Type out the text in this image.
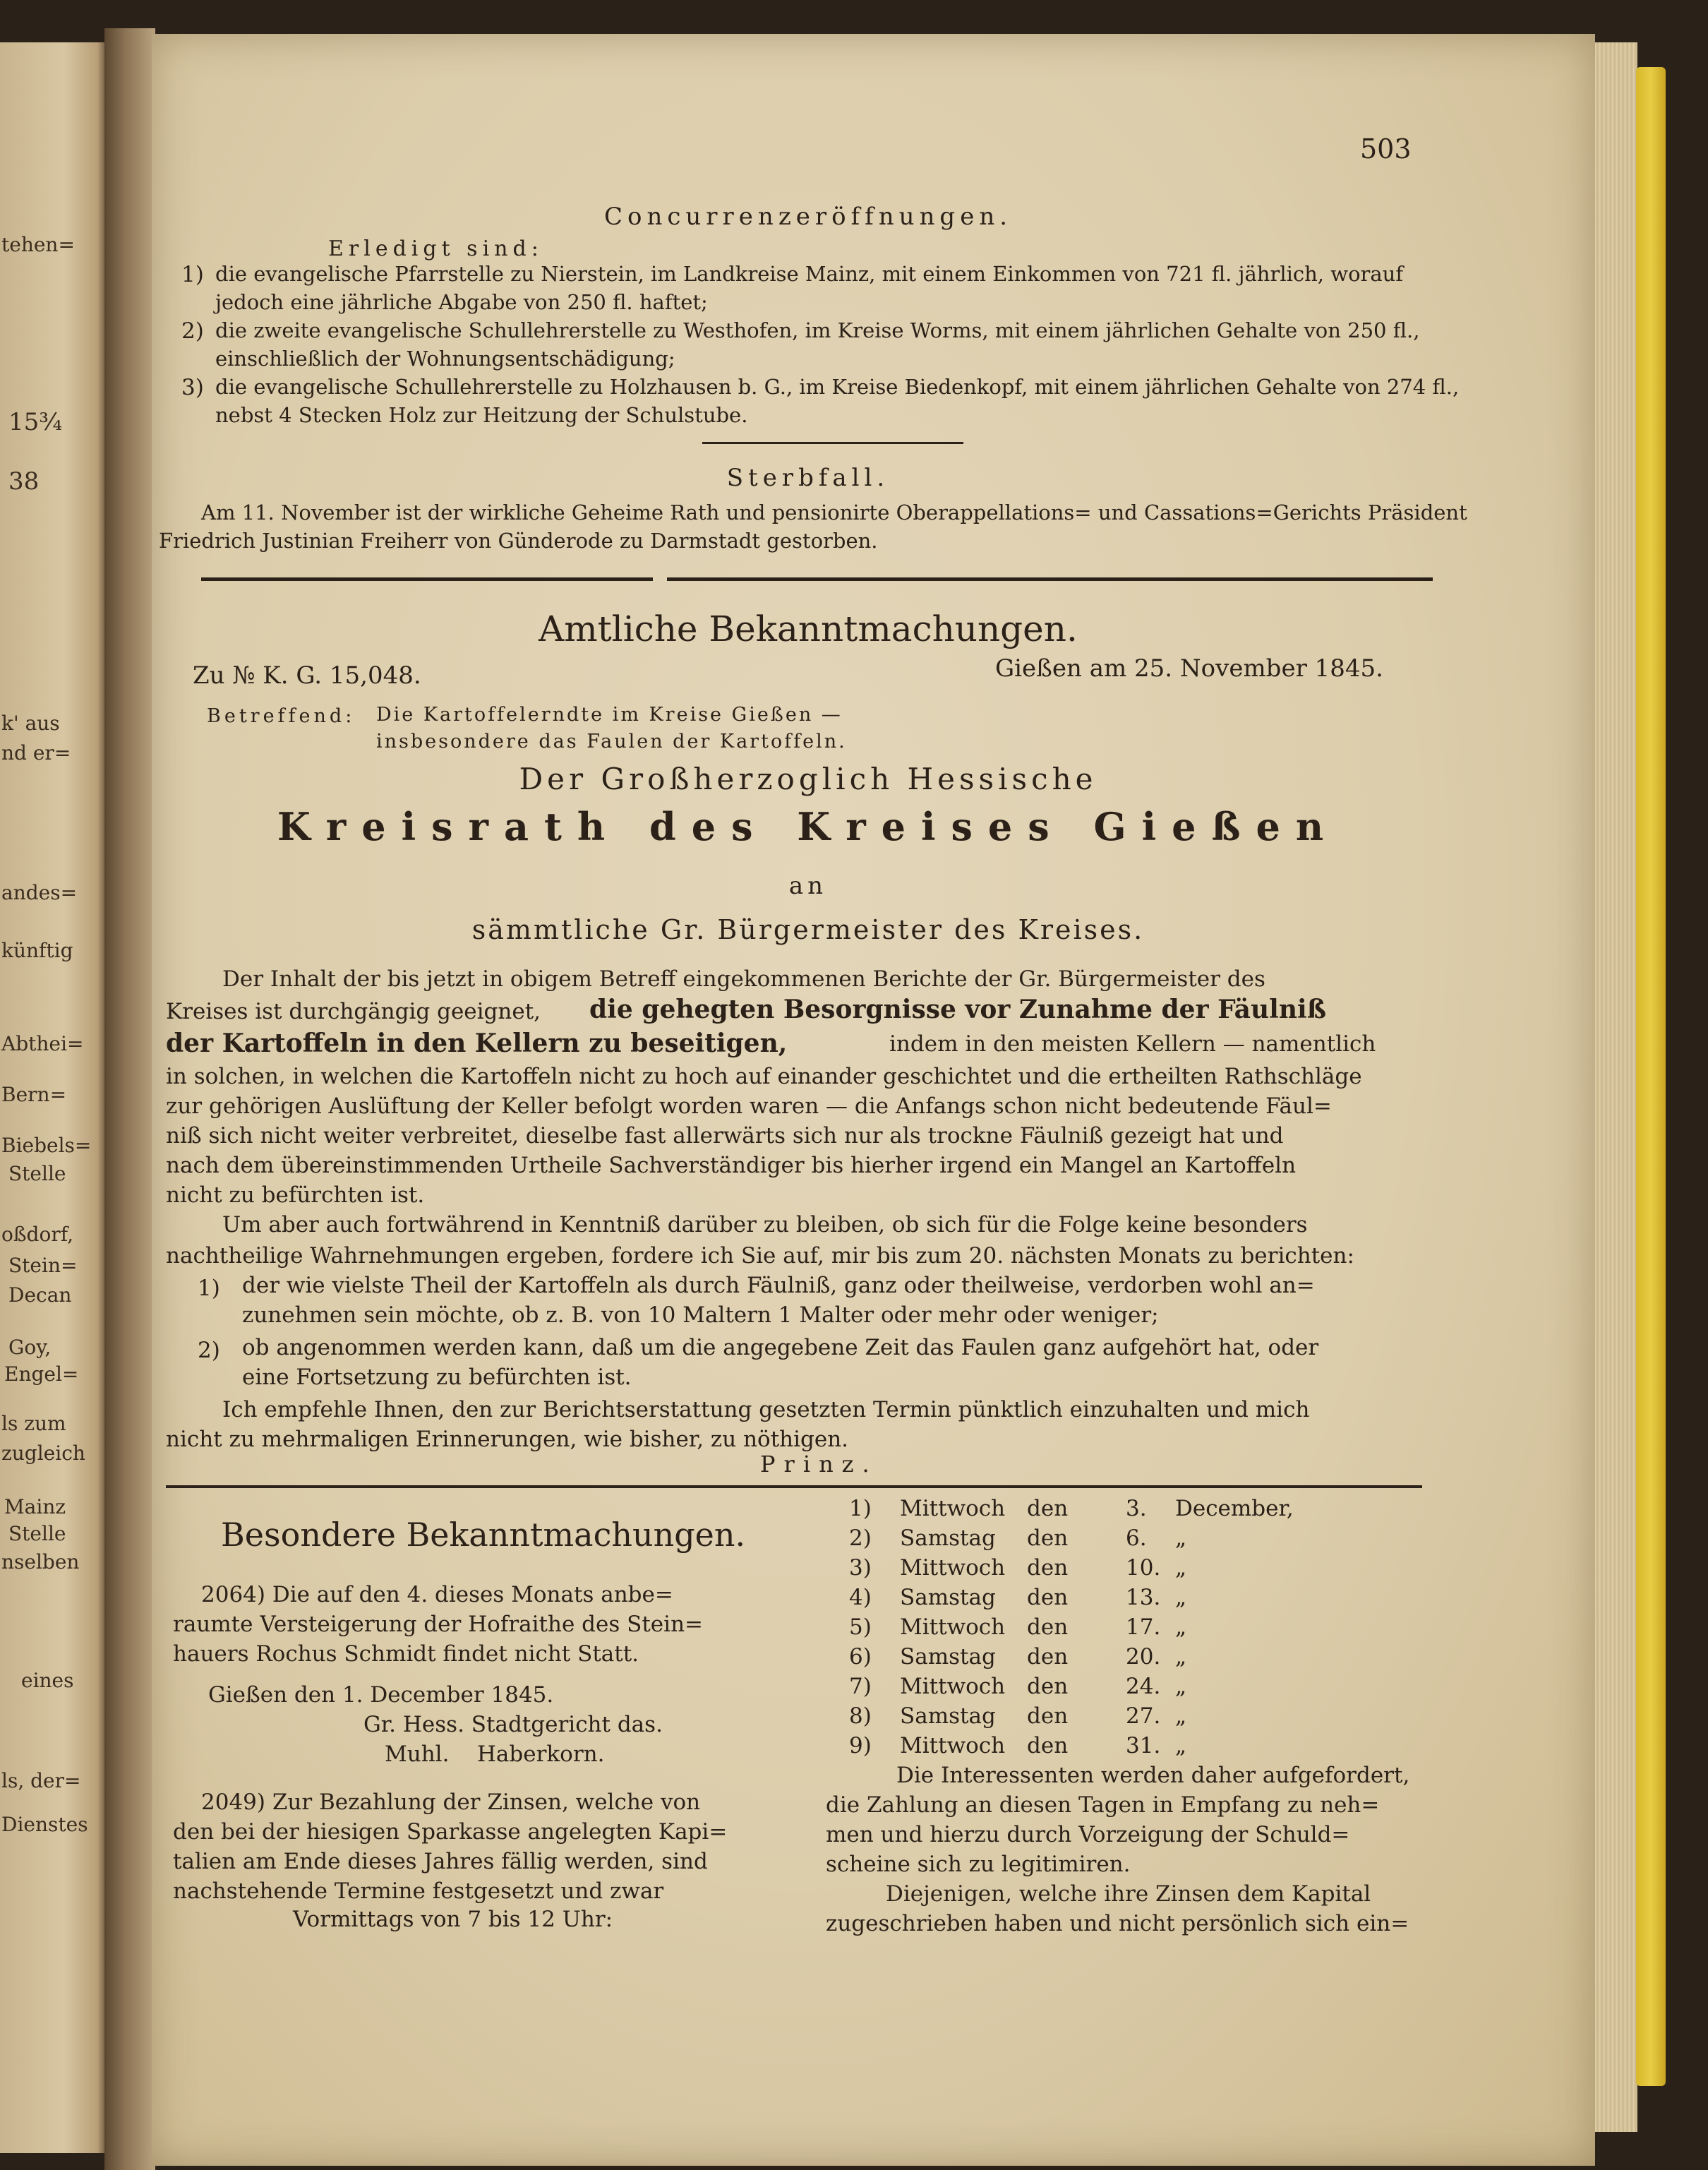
tehen=
15¾
38
k' aus
nd er=
andes=
künftig
Abthei=
Bern=
Biebels=
Stelle
oßdorf,
Stein=
Decan
Goy,
Engel=
ls zum
zugleich
Mainz
Stelle
nselben
eines
ls, der=
Dienstes
503
Concurrenzeröffnungen.
Erledigt sind:
1) die evangelische Pfarrstelle zu Nierstein, im Landkreise Mainz, mit einem Einkommen von 721 fl. jährlich, worauf
jedoch eine jährliche Abgabe von 250 fl. haftet;
2) die zweite evangelische Schullehrerstelle zu Westhofen, im Kreise Worms, mit einem jährlichen Gehalte von 250 fl.,
einschließlich der Wohnungsentschädigung;
3) die evangelische Schullehrerstelle zu Holzhausen b. G., im Kreise Biedenkopf, mit einem jährlichen Gehalte von 274 fl.,
nebst 4 Stecken Holz zur Heitzung der Schulstube.
Sterbfall.
Am 11. November ist der wirkliche Geheime Rath und pensionirte Oberappellations= und Cassations=Gerichts Präsident
Friedrich Justinian Freiherr von Günderode zu Darmstadt gestorben.
Amtliche Bekanntmachungen.
Zu № K. G. 15,048.	Gießen am 25. November 1845.
Betreffend: Die Kartoffelerndte im Kreise Gießen —
insbesondere das Faulen der Kartoffeln.
Der Großherzoglich Hessische
Kreisrath des Kreises Gießen
an
sämmtliche Gr. Bürgermeister des Kreises.
Der Inhalt der bis jetzt in obigem Betreff eingekommenen Berichte der Gr. Bürgermeister des
Kreises ist durchgängig geeignet, die gehegten Besorgnisse vor Zunahme der Fäulniß
der Kartoffeln in den Kellern zu beseitigen,	indem in den meisten Kellern — namentlich
in solchen, in welchen die Kartoffeln nicht zu hoch auf einander geschichtet und die ertheilten Rathschläge
zur gehörigen Auslüftung der Keller befolgt worden waren — die Anfangs schon nicht bedeutende Fäul=
niß sich nicht weiter verbreitet, dieselbe fast allerwärts sich nur als trockne Fäulniß gezeigt hat und
nach dem übereinstimmenden Urtheile Sachverständiger bis hierher irgend ein Mangel an Kartoffeln
nicht zu befürchten ist.
Um aber auch fortwährend in Kenntniß darüber zu bleiben, ob sich für die Folge keine besonders
nachtheilige Wahrnehmungen ergeben, fordere ich Sie auf, mir bis zum 20. nächsten Monats zu berichten:
1) der wie vielste Theil der Kartoffeln als durch Fäulniß, ganz oder theilweise, verdorben wohl an=
zunehmen sein möchte, ob z. B. von 10 Maltern 1 Malter oder mehr oder weniger;
2) ob angenommen werden kann, daß um die angegebene Zeit das Faulen ganz aufgehört hat, oder
eine Fortsetzung zu befürchten ist.
Ich empfehle Ihnen, den zur Berichtserstattung gesetzten Termin pünktlich einzuhalten und mich
nicht zu mehrmaligen Erinnerungen, wie bisher, zu nöthigen.
Prinz.
Besondere Bekanntmachungen.
2064) Die auf den 4. dieses Monats anbe=
raumte Versteigerung der Hofraithe des Stein=
hauers Rochus Schmidt findet nicht Statt.
Gießen den 1. December 1845.
Gr. Hess. Stadtgericht das.
Muhl.    Haberkorn.
2049) Zur Bezahlung der Zinsen, welche von
den bei der hiesigen Sparkasse angelegten Kapi=
talien am Ende dieses Jahres fällig werden, sind
nachstehende Termine festgesetzt und zwar
Vormittags von 7 bis 12 Uhr:
1) Mittwoch den	3. December,
2) Samstag den	6. „
3) Mittwoch den	10. „
4) Samstag den	13. „
5) Mittwoch den	17. „
6) Samstag den	20. „
7) Mittwoch den	24. „
8) Samstag den	27. „
9) Mittwoch den	31. „
Die Interessenten werden daher aufgefordert,
die Zahlung an diesen Tagen in Empfang zu neh=
men und hierzu durch Vorzeigung der Schuld=
scheine sich zu legitimiren.
Diejenigen, welche ihre Zinsen dem Kapital
zugeschrieben haben und nicht persönlich sich ein=
